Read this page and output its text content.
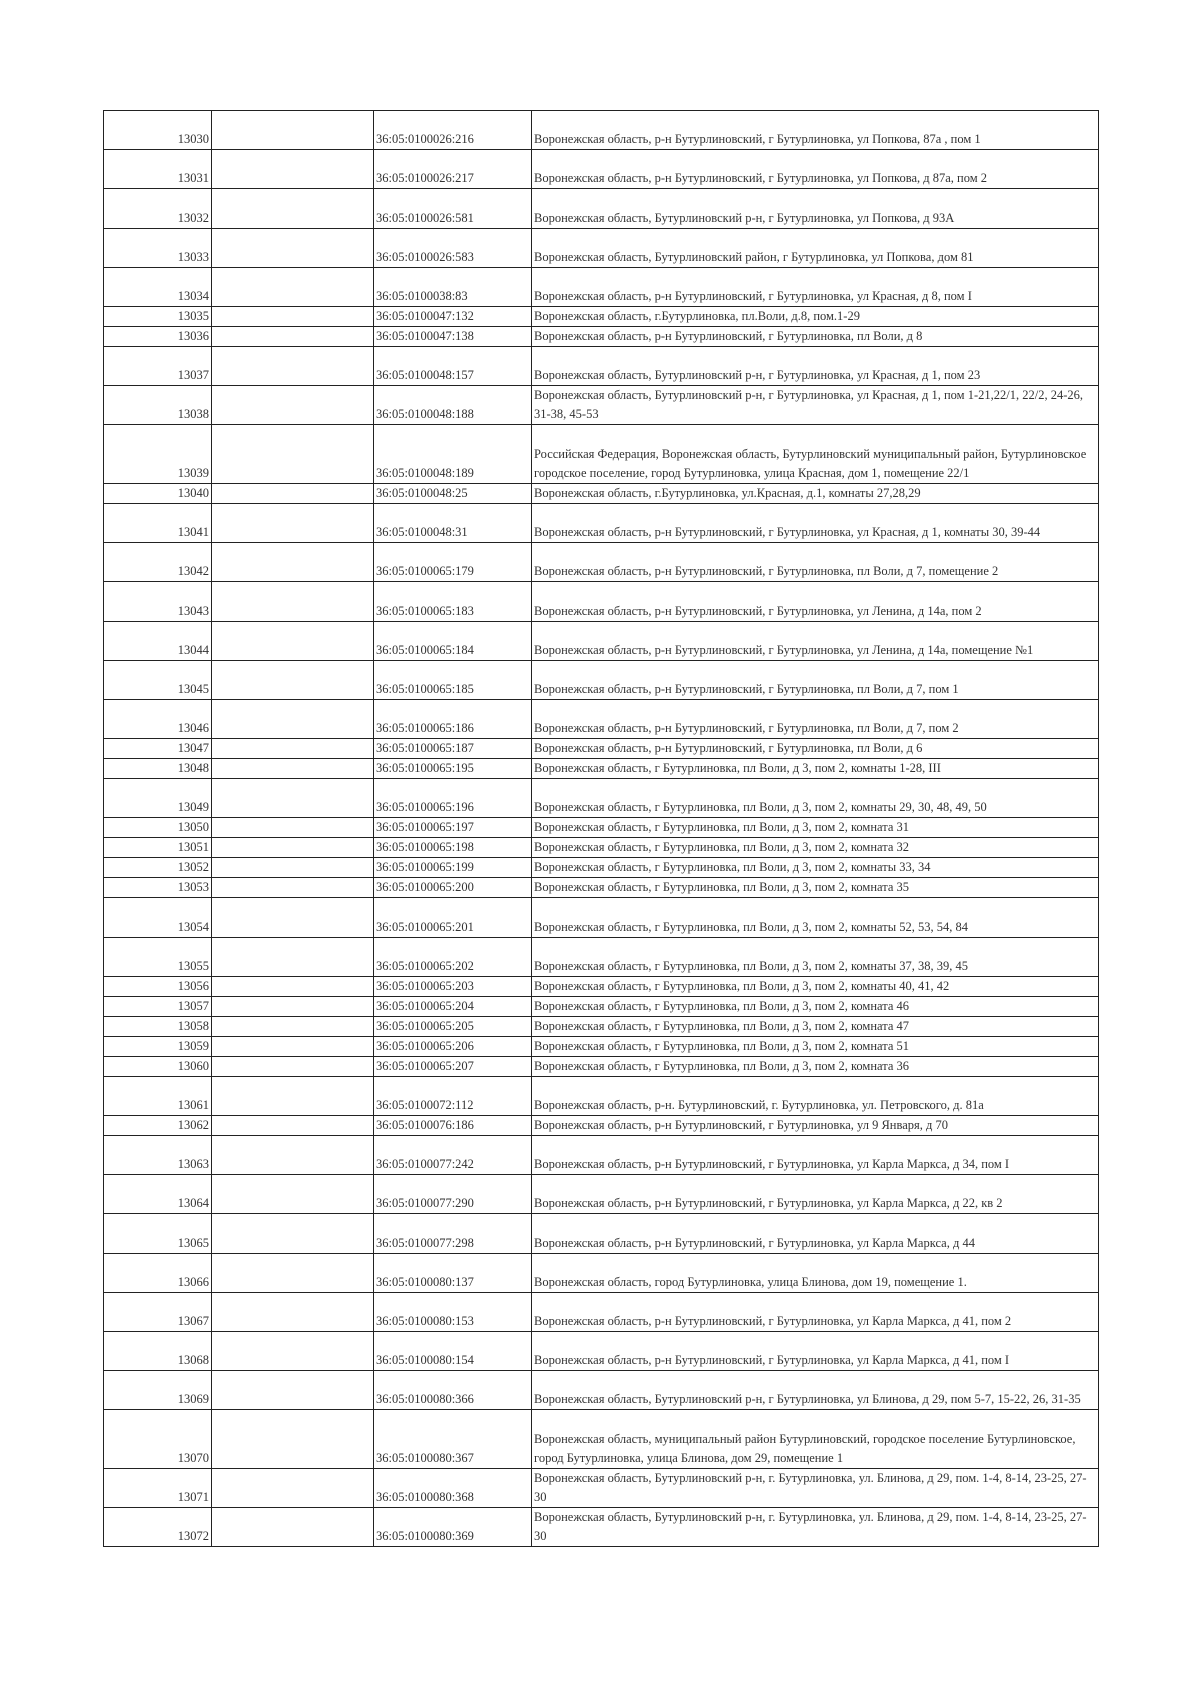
13030		36:05:0100026:216	Воронежская область, р-н Бутурлиновский, г Бутурлиновка, ул Попкова, 87а , пом 1
13031		36:05:0100026:217	Воронежская область, р-н Бутурлиновский, г Бутурлиновка, ул Попкова, д 87а, пом 2
13032		36:05:0100026:581	Воронежская область, Бутурлиновский р-н, г Бутурлиновка, ул Попкова, д 93А
13033		36:05:0100026:583	Воронежская область, Бутурлиновский район, г Бутурлиновка, ул Попкова, дом 81
13034		36:05:0100038:83	Воронежская область, р-н Бутурлиновский, г Бутурлиновка, ул Красная, д 8, пом I
13035		36:05:0100047:132	Воронежская область, г.Бутурлиновка, пл.Воли, д.8, пом.1-29
13036		36:05:0100047:138	Воронежская область, р-н Бутурлиновский, г Бутурлиновка, пл Воли, д 8
13037		36:05:0100048:157	Воронежская область, Бутурлиновский р-н, г Бутурлиновка, ул Красная, д 1, пом 23
13038		36:05:0100048:188	Воронежская область, Бутурлиновский р-н, г Бутурлиновка, ул Красная, д 1, пом 1-21,22/1, 22/2, 24-26, 31-38, 45-53
13039		36:05:0100048:189	Российская Федерация, Воронежская область, Бутурлиновский муниципальный район, Бутурлиновское городское поселение, город Бутурлиновка, улица Красная, дом 1, помещение 22/1
13040		36:05:0100048:25	Воронежская область, г.Бутурлиновка, ул.Красная, д.1, комнаты 27,28,29
13041		36:05:0100048:31	Воронежская область, р-н Бутурлиновский, г Бутурлиновка, ул Красная, д 1, комнаты 30, 39-44
13042		36:05:0100065:179	Воронежская область, р-н Бутурлиновский, г Бутурлиновка, пл Воли, д 7, помещение 2
13043		36:05:0100065:183	Воронежская область, р-н Бутурлиновский, г Бутурлиновка, ул Ленина, д 14а, пом 2
13044		36:05:0100065:184	Воронежская область, р-н Бутурлиновский, г Бутурлиновка, ул Ленина, д 14а, помещение №1
13045		36:05:0100065:185	Воронежская область, р-н Бутурлиновский, г Бутурлиновка, пл Воли, д 7, пом 1
13046		36:05:0100065:186	Воронежская область, р-н Бутурлиновский, г Бутурлиновка, пл Воли, д 7, пом 2
13047		36:05:0100065:187	Воронежская область, р-н Бутурлиновский, г Бутурлиновка, пл Воли, д 6
13048		36:05:0100065:195	Воронежская область, г Бутурлиновка, пл Воли, д 3, пом 2, комнаты 1-28, III
13049		36:05:0100065:196	Воронежская область, г Бутурлиновка, пл Воли, д 3, пом 2, комнаты 29, 30, 48, 49, 50
13050		36:05:0100065:197	Воронежская область, г Бутурлиновка, пл Воли, д 3, пом 2, комната 31
13051		36:05:0100065:198	Воронежская область, г Бутурлиновка, пл Воли, д 3, пом 2, комната 32
13052		36:05:0100065:199	Воронежская область, г Бутурлиновка, пл Воли, д 3, пом 2, комнаты 33, 34
13053		36:05:0100065:200	Воронежская область, г Бутурлиновка, пл Воли, д 3, пом 2, комната 35
13054		36:05:0100065:201	Воронежская область, г Бутурлиновка, пл Воли, д 3, пом 2, комнаты 52, 53, 54, 84
13055		36:05:0100065:202	Воронежская область, г Бутурлиновка, пл Воли, д 3, пом 2, комнаты 37, 38, 39, 45
13056		36:05:0100065:203	Воронежская область, г Бутурлиновка, пл Воли, д 3, пом 2, комнаты 40, 41, 42
13057		36:05:0100065:204	Воронежская область, г Бутурлиновка, пл Воли, д 3, пом 2, комната 46
13058		36:05:0100065:205	Воронежская область, г Бутурлиновка, пл Воли, д 3, пом 2, комната 47
13059		36:05:0100065:206	Воронежская область, г Бутурлиновка, пл Воли, д 3, пом 2, комната 51
13060		36:05:0100065:207	Воронежская область, г Бутурлиновка, пл Воли, д 3, пом 2, комната 36
13061		36:05:0100072:112	Воронежская область, р-н. Бутурлиновский, г. Бутурлиновка, ул. Петровского, д. 81а
13062		36:05:0100076:186	Воронежская область, р-н Бутурлиновский, г Бутурлиновка, ул 9 Января, д 70
13063		36:05:0100077:242	Воронежская область, р-н Бутурлиновский, г Бутурлиновка, ул Карла Маркса, д 34, пом I
13064		36:05:0100077:290	Воронежская область, р-н Бутурлиновский, г Бутурлиновка, ул Карла Маркса, д 22, кв 2
13065		36:05:0100077:298	Воронежская область, р-н Бутурлиновский, г Бутурлиновка, ул Карла Маркса, д 44
13066		36:05:0100080:137	Воронежская область, город Бутурлиновка, улица Блинова, дом 19, помещение 1.
13067		36:05:0100080:153	Воронежская область, р-н Бутурлиновский, г Бутурлиновка, ул Карла Маркса, д 41, пом 2
13068		36:05:0100080:154	Воронежская область, р-н Бутурлиновский, г Бутурлиновка, ул Карла Маркса, д 41, пом I
13069		36:05:0100080:366	Воронежская область, Бутурлиновский р-н, г Бутурлиновка, ул Блинова, д 29, пом 5-7, 15-22, 26, 31-35
13070		36:05:0100080:367	Воронежская область, муниципальный район Бутурлиновский, городское поселение Бутурлиновское, город Бутурлиновка, улица Блинова, дом 29, помещение 1
13071		36:05:0100080:368	Воронежская область, Бутурлиновский р-н, г. Бутурлиновка, ул. Блинова, д 29, пом. 1-4, 8-14, 23-25, 27-30
13072		36:05:0100080:369	Воронежская область, Бутурлиновский р-н, г. Бутурлиновка, ул. Блинова, д 29, пом. 1-4, 8-14, 23-25, 27-30
